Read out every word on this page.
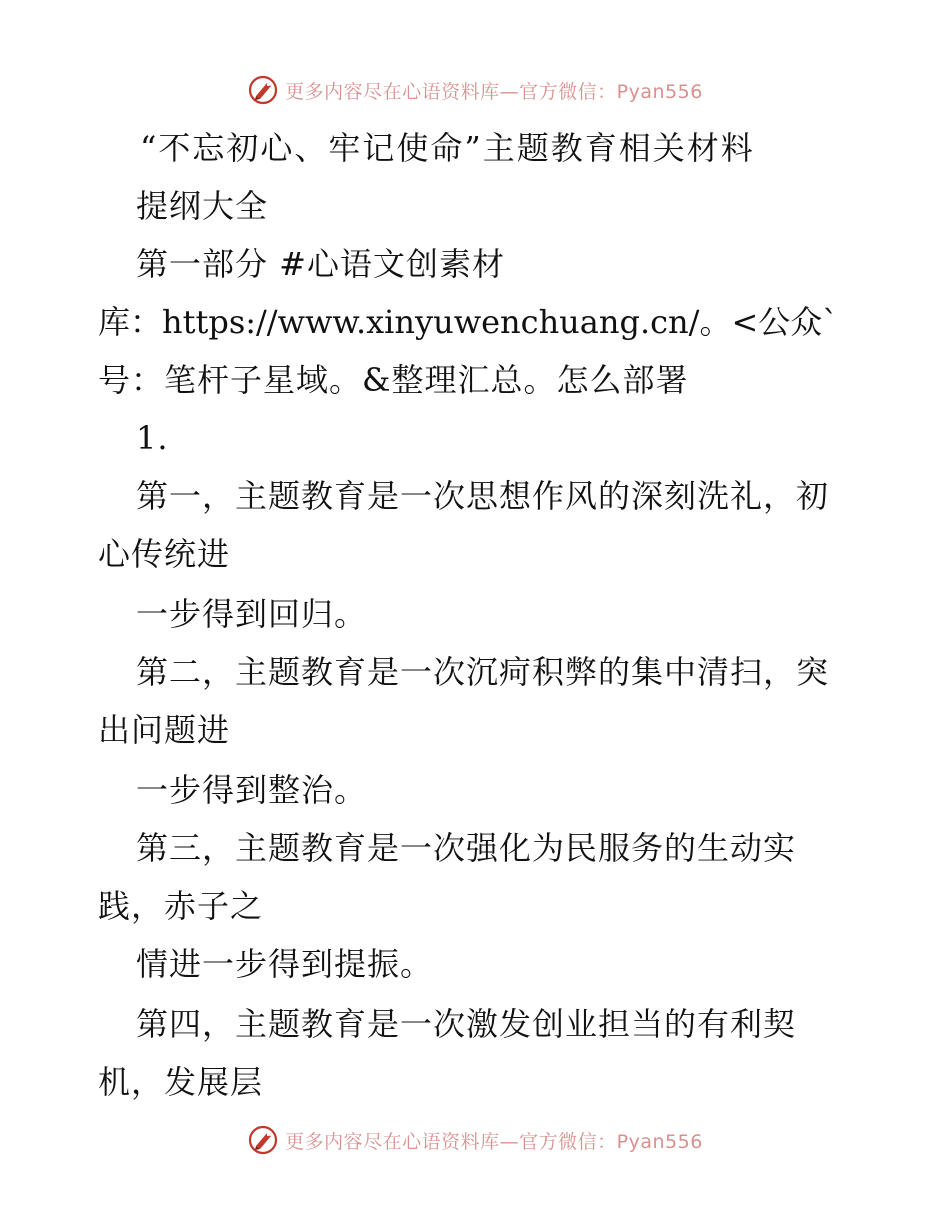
更多内容尽在心语资料库—官方微信：Pyan556
“不忘初心、牢记使命”主题教育相关材料
提纲大全
第一部分 #心语文创素材
库：https://www.xinyuwenchuang.cn/。<公众`
号：笔杆子星域。&整理汇总。怎么部署
1.
第一，主题教育是一次思想作风的深刻洗礼，初
心传统进
一步得到回归。
第二，主题教育是一次沉疴积弊的集中清扫，突
出问题进
一步得到整治。
第三，主题教育是一次强化为民服务的生动实
践，赤子之
情进一步得到提振。
第四，主题教育是一次激发创业担当的有利契
机，发展层
更多内容尽在心语资料库—官方微信：Pyan556
